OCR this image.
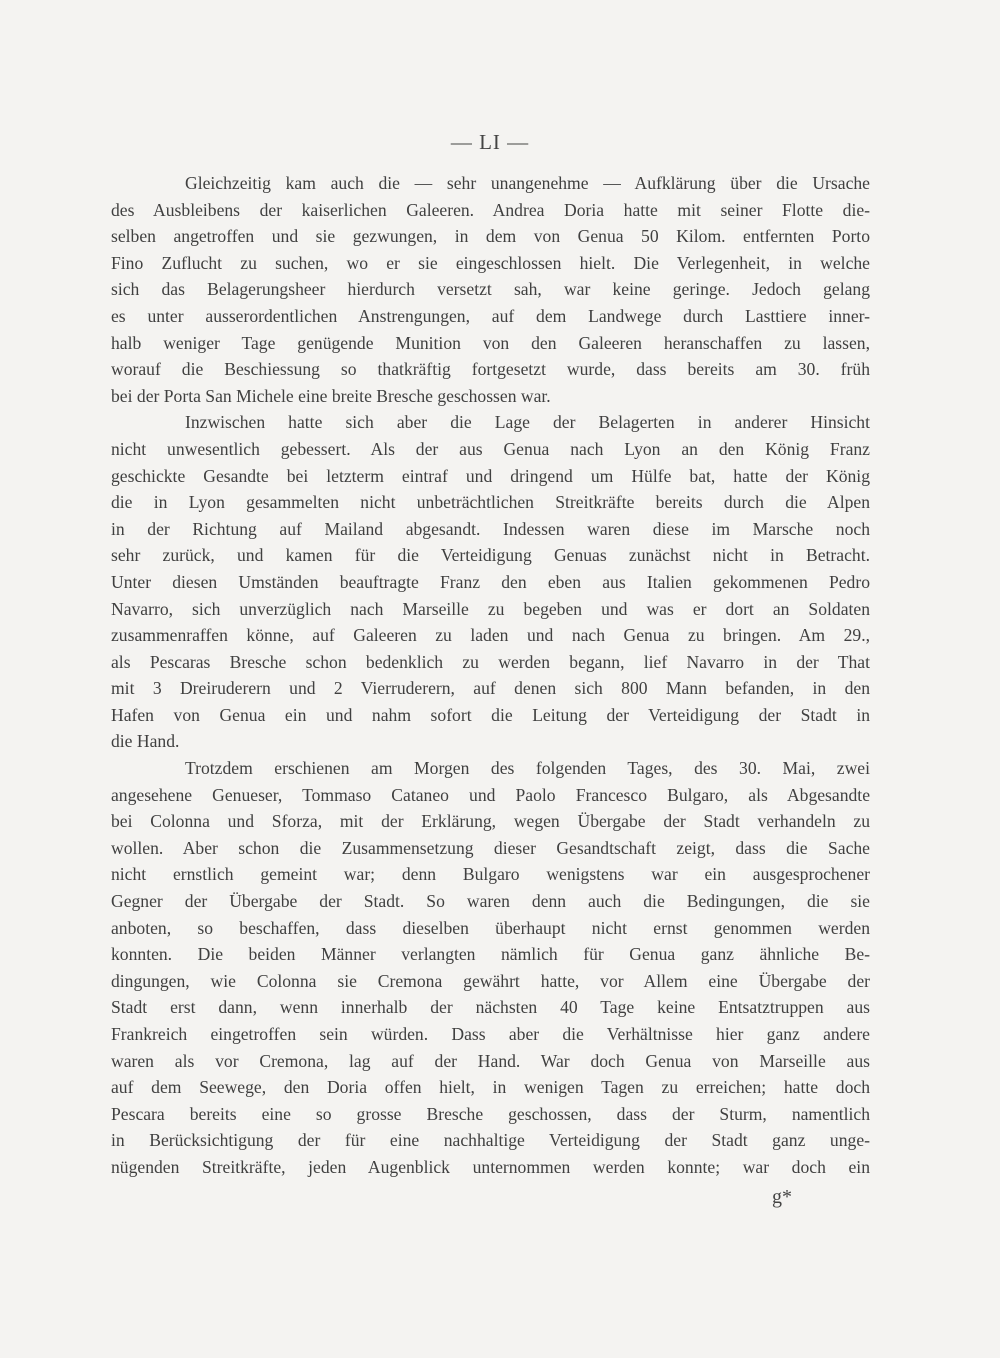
— LI —
Gleichzeitig kam auch die — sehr unangenehme — Aufklärung über die Ursache
des Ausbleibens der kaiserlichen Galeeren. Andrea Doria hatte mit seiner Flotte die-
selben angetroffen und sie gezwungen, in dem von Genua 50 Kilom. entfernten Porto
Fino Zuflucht zu suchen, wo er sie eingeschlossen hielt. Die Verlegenheit, in welche
sich das Belagerungsheer hierdurch versetzt sah, war keine geringe. Jedoch gelang
es unter ausserordentlichen Anstrengungen, auf dem Landwege durch Lasttiere inner-
halb weniger Tage genügende Munition von den Galeeren heranschaffen zu lassen,
worauf die Beschiessung so thatkräftig fortgesetzt wurde, dass bereits am 30. früh
bei der Porta San Michele eine breite Bresche geschossen war.
Inzwischen hatte sich aber die Lage der Belagerten in anderer Hinsicht
nicht unwesentlich gebessert. Als der aus Genua nach Lyon an den König Franz
geschickte Gesandte bei letzterm eintraf und dringend um Hülfe bat, hatte der König
die in Lyon gesammelten nicht unbeträchtlichen Streitkräfte bereits durch die Alpen
in der Richtung auf Mailand abgesandt. Indessen waren diese im Marsche noch
sehr zurück, und kamen für die Verteidigung Genuas zunächst nicht in Betracht.
Unter diesen Umständen beauftragte Franz den eben aus Italien gekommenen Pedro
Navarro, sich unverzüglich nach Marseille zu begeben und was er dort an Soldaten
zusammenraffen könne, auf Galeeren zu laden und nach Genua zu bringen. Am 29.,
als Pescaras Bresche schon bedenklich zu werden begann, lief Navarro in der That
mit 3 Dreiruderern und 2 Vierruderern, auf denen sich 800 Mann befanden, in den
Hafen von Genua ein und nahm sofort die Leitung der Verteidigung der Stadt in
die Hand.
Trotzdem erschienen am Morgen des folgenden Tages, des 30. Mai, zwei
angesehene Genueser, Tommaso Cataneo und Paolo Francesco Bulgaro, als Abgesandte
bei Colonna und Sforza, mit der Erklärung, wegen Übergabe der Stadt verhandeln zu
wollen. Aber schon die Zusammensetzung dieser Gesandtschaft zeigt, dass die Sache
nicht ernstlich gemeint war; denn Bulgaro wenigstens war ein ausgesprochener
Gegner der Übergabe der Stadt. So waren denn auch die Bedingungen, die sie
anboten, so beschaffen, dass dieselben überhaupt nicht ernst genommen werden
konnten. Die beiden Männer verlangten nämlich für Genua ganz ähnliche Be-
dingungen, wie Colonna sie Cremona gewährt hatte, vor Allem eine Übergabe der
Stadt erst dann, wenn innerhalb der nächsten 40 Tage keine Entsatztruppen aus
Frankreich eingetroffen sein würden. Dass aber die Verhältnisse hier ganz andere
waren als vor Cremona, lag auf der Hand. War doch Genua von Marseille aus
auf dem Seewege, den Doria offen hielt, in wenigen Tagen zu erreichen; hatte doch
Pescara bereits eine so grosse Bresche geschossen, dass der Sturm, namentlich
in Berücksichtigung der für eine nachhaltige Verteidigung der Stadt ganz unge-
nügenden Streitkräfte, jeden Augenblick unternommen werden konnte; war doch ein
g*
